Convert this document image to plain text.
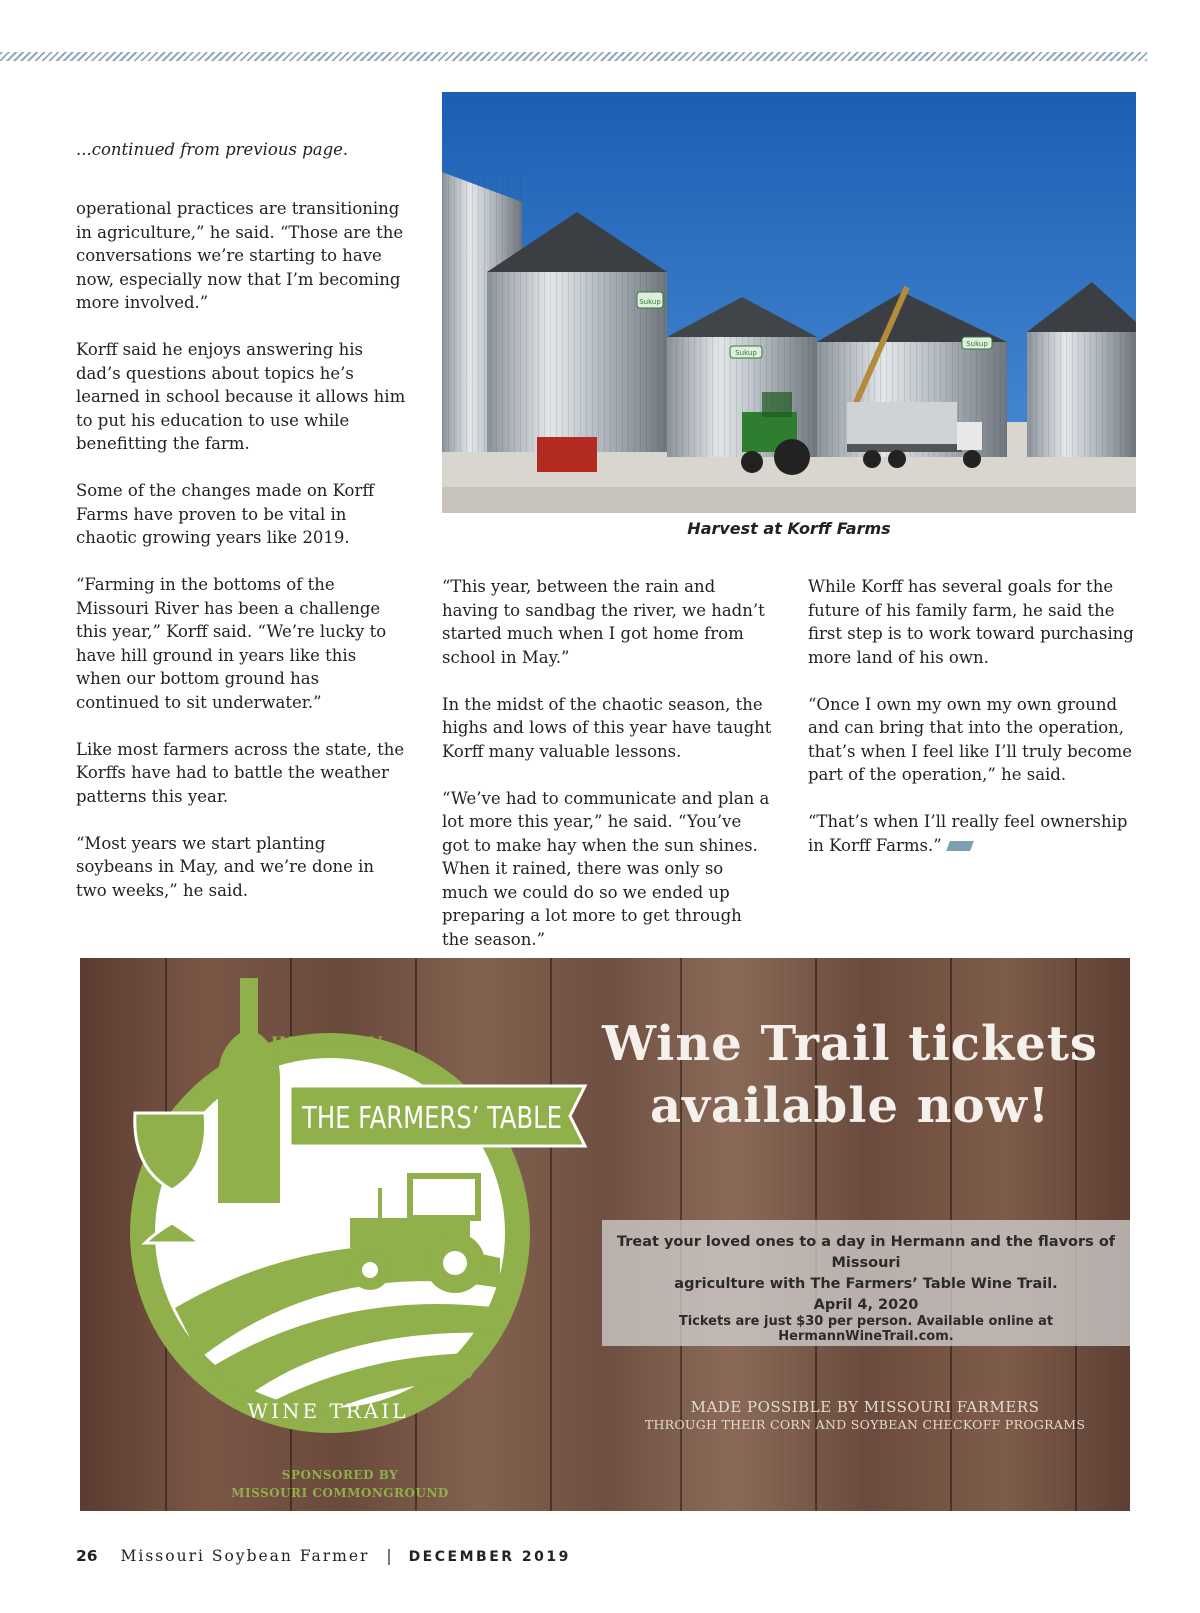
...continued from previous page.

operational practices are transitioning in agriculture,” he said. “Those are the conversations we’re starting to have now, especially now that I’m becoming more involved.”

Korff said he enjoys answering his dad’s questions about topics he’s learned in school because it allows him to put his education to use while benefitting the farm.

Some of the changes made on Korff Farms have proven to be vital in chaotic growing years like 2019.

“Farming in the bottoms of the Missouri River has been a challenge this year,” Korff said. “We’re lucky to have hill ground in years like this when our bottom ground has continued to sit underwater.”

Like most farmers across the state, the Korffs have had to battle the weather patterns this year.

“Most years we start planting soybeans in May, and we’re done in two weeks,” he said.

“This year, between the rain and having to sandbag the river, we hadn’t started much when I got home from school in May.”

In the midst of the chaotic season, the highs and lows of this year have taught Korff many valuable lessons.

“We’ve had to communicate and plan a lot more this year,” he said. “You’ve got to make hay when the sun shines. When it rained, there was only so much we could do so we ended up preparing a lot more to get through the season.”

While Korff has several goals for the future of his family farm, he said the first step is to work toward purchasing more land of his own.

“Once I own my own my own ground and can bring that into the operation, that’s when I feel like I’ll truly become part of the operation,” he said.

“That’s when I’ll really feel ownership in Korff Farms.”

Sukup
Sukup
Sukup
Harvest at Korff Farms
THE FARMERS’ TABLE
HERMANN
WINE TRAIL
Wine Trail tickets
available now!
Treat your loved ones to a day in Hermann and the flavors of Missouri
agriculture with The Farmers’ Table Wine Trail.
April 4, 2020
Tickets are just $30 per person. Available online at HermannWineTrail.com.
MADE POSSIBLE BY MISSOURI FARMERS
THROUGH THEIR CORN AND SOYBEAN CHECKOFF PROGRAMS
SPONSORED BY
MISSOURI COMMONGROUND
26 Missouri Soybean Farmer | DECEMBER 2019
